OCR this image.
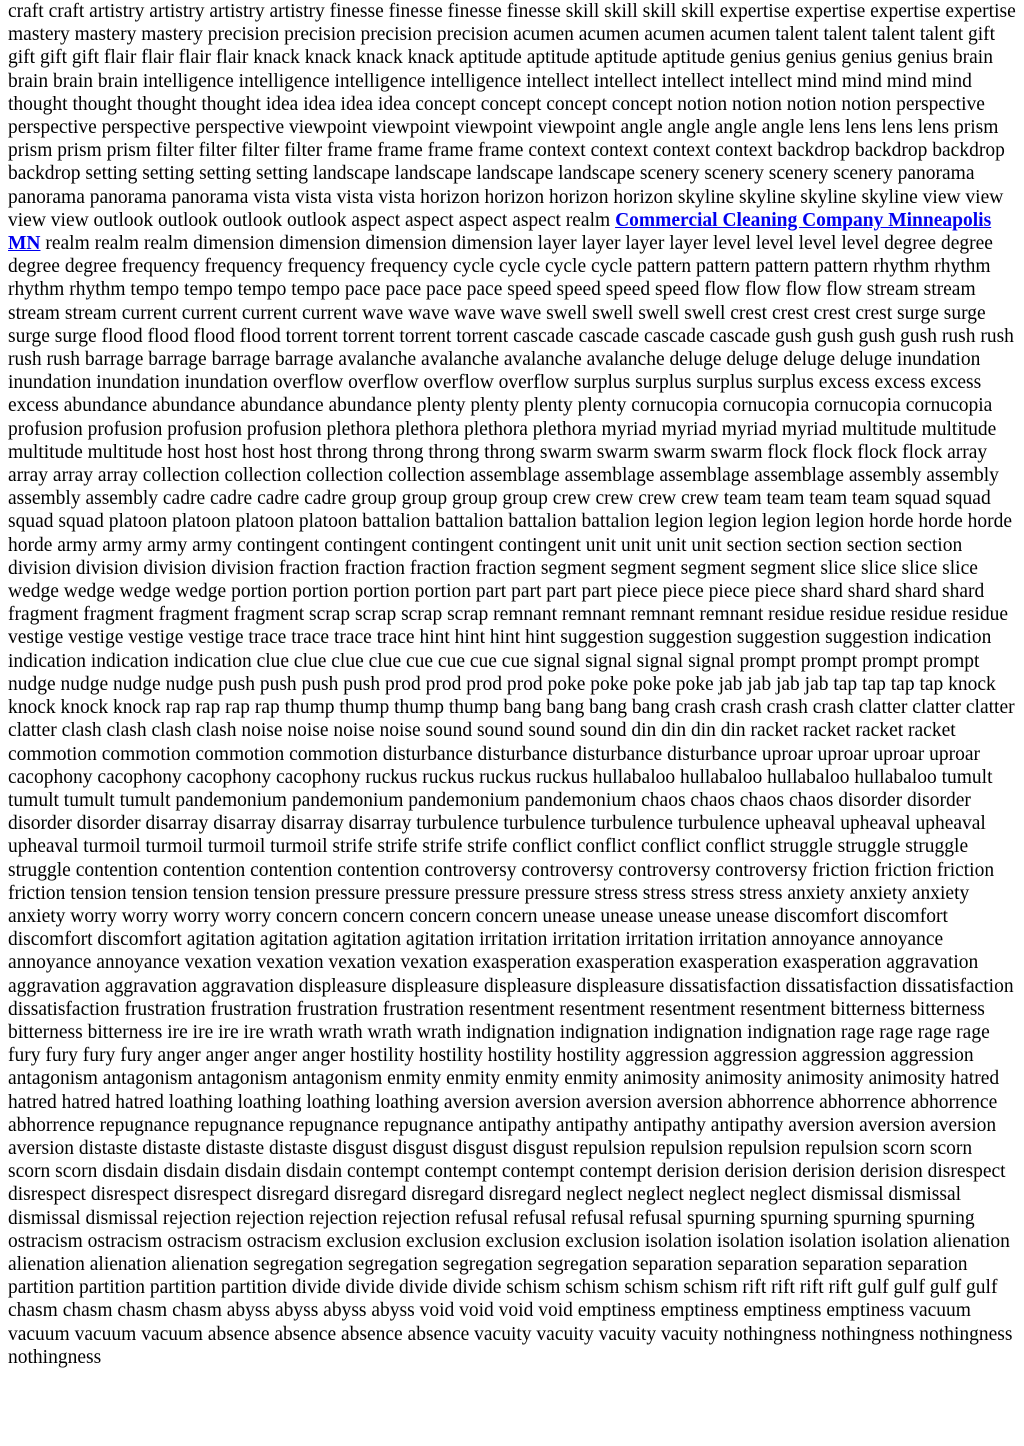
craft craft artistry artistry artistry artistry finesse finesse finesse finesse skill skill skill skill expertise expertise expertise expertise mastery mastery mastery precision precision precision precision acumen acumen acumen acumen talent talent talent talent gift gift gift gift flair flair flair flair knack knack knack knack aptitude aptitude aptitude aptitude genius genius genius genius brain brain brain brain intelligence intelligence intelligence intelligence intellect intellect intellect intellect mind mind mind mind thought thought thought thought idea idea idea idea concept concept concept concept notion notion notion notion perspective perspective perspective perspective viewpoint viewpoint viewpoint viewpoint angle angle angle angle lens lens lens lens prism prism prism prism filter filter filter filter frame frame frame frame context context context context backdrop backdrop backdrop backdrop setting setting setting setting landscape landscape landscape landscape scenery scenery scenery scenery panorama panorama panorama panorama vista vista vista vista horizon horizon horizon horizon skyline skyline skyline skyline view view view view outlook outlook outlook outlook aspect aspect aspect aspect realm Commercial Cleaning Company Minneapolis MN realm realm realm dimension dimension dimension dimension layer layer layer layer level level level level degree degree degree degree frequency frequency frequency frequency cycle cycle cycle cycle pattern pattern pattern pattern rhythm rhythm rhythm rhythm tempo tempo tempo tempo pace pace pace pace speed speed speed speed flow flow flow flow stream stream stream stream current current current current wave wave wave wave swell swell swell swell crest crest crest crest surge surge surge surge flood flood flood flood torrent torrent torrent torrent cascade cascade cascade cascade gush gush gush gush rush rush rush rush barrage barrage barrage barrage avalanche avalanche avalanche avalanche deluge deluge deluge deluge inundation inundation inundation inundation overflow overflow overflow overflow surplus surplus surplus surplus excess excess excess excess abundance abundance abundance abundance plenty plenty plenty plenty cornucopia cornucopia cornucopia cornucopia profusion profusion profusion profusion plethora plethora plethora plethora myriad myriad myriad myriad multitude multitude multitude multitude host host host host throng throng throng throng swarm swarm swarm swarm flock flock flock flock array array array array collection collection collection collection assemblage assemblage assemblage assemblage assembly assembly assembly assembly cadre cadre cadre cadre group group group group crew crew crew crew team team team team squad squad squad squad platoon platoon platoon platoon battalion battalion battalion battalion legion legion legion legion horde horde horde horde army army army army contingent contingent contingent contingent unit unit unit unit section section section section division division division division fraction fraction fraction fraction segment segment segment segment slice slice slice slice wedge wedge wedge wedge portion portion portion portion part part part part piece piece piece piece shard shard shard shard fragment fragment fragment fragment scrap scrap scrap scrap remnant remnant remnant remnant residue residue residue residue vestige vestige vestige vestige trace trace trace trace hint hint hint hint suggestion suggestion suggestion suggestion indication indication indication indication clue clue clue clue cue cue cue cue signal signal signal signal prompt prompt prompt prompt nudge nudge nudge nudge push push push push prod prod prod prod poke poke poke poke jab jab jab jab tap tap tap tap knock knock knock knock rap rap rap rap thump thump thump thump bang bang bang bang crash crash crash crash clatter clatter clatter clatter clash clash clash clash noise noise noise noise sound sound sound sound din din din din racket racket racket racket commotion commotion commotion commotion disturbance disturbance disturbance disturbance uproar uproar uproar uproar cacophony cacophony cacophony cacophony ruckus ruckus ruckus ruckus hullabaloo hullabaloo hullabaloo hullabaloo tumult tumult tumult tumult pandemonium pandemonium pandemonium pandemonium chaos chaos chaos chaos disorder disorder disorder disorder disarray disarray disarray disarray turbulence turbulence turbulence turbulence upheaval upheaval upheaval upheaval turmoil turmoil turmoil turmoil strife strife strife strife conflict conflict conflict conflict struggle struggle struggle struggle contention contention contention contention controversy controversy controversy controversy friction friction friction friction tension tension tension tension pressure pressure pressure pressure stress stress stress stress anxiety anxiety anxiety anxiety worry worry worry worry concern concern concern concern unease unease unease unease discomfort discomfort discomfort discomfort agitation agitation agitation agitation irritation irritation irritation irritation annoyance annoyance annoyance annoyance vexation vexation vexation vexation exasperation exasperation exasperation exasperation aggravation aggravation aggravation aggravation displeasure displeasure displeasure displeasure dissatisfaction dissatisfaction dissatisfaction dissatisfaction frustration frustration frustration frustration resentment resentment resentment resentment bitterness bitterness bitterness bitterness ire ire ire ire wrath wrath wrath wrath indignation indignation indignation indignation rage rage rage rage fury fury fury fury anger anger anger anger hostility hostility hostility hostility aggression aggression aggression aggression antagonism antagonism antagonism antagonism enmity enmity enmity enmity animosity animosity animosity animosity hatred hatred hatred hatred loathing loathing loathing loathing aversion aversion aversion aversion abhorrence abhorrence abhorrence abhorrence repugnance repugnance repugnance repugnance antipathy antipathy antipathy antipathy aversion aversion aversion aversion distaste distaste distaste distaste disgust disgust disgust disgust repulsion repulsion repulsion repulsion scorn scorn scorn scorn disdain disdain disdain disdain contempt contempt contempt contempt derision derision derision derision disrespect disrespect disrespect disrespect disregard disregard disregard disregard neglect neglect neglect neglect dismissal dismissal dismissal dismissal rejection rejection rejection rejection refusal refusal refusal refusal spurning spurning spurning spurning ostracism ostracism ostracism ostracism exclusion exclusion exclusion exclusion isolation isolation isolation isolation alienation alienation alienation alienation segregation segregation segregation segregation separation separation separation separation partition partition partition partition divide divide divide divide schism schism schism schism rift rift rift rift gulf gulf gulf gulf chasm chasm chasm chasm abyss abyss abyss abyss void void void void emptiness emptiness emptiness emptiness vacuum vacuum vacuum vacuum absence absence absence absence vacuity vacuity vacuity vacuity nothingness nothingness nothingness nothingness
